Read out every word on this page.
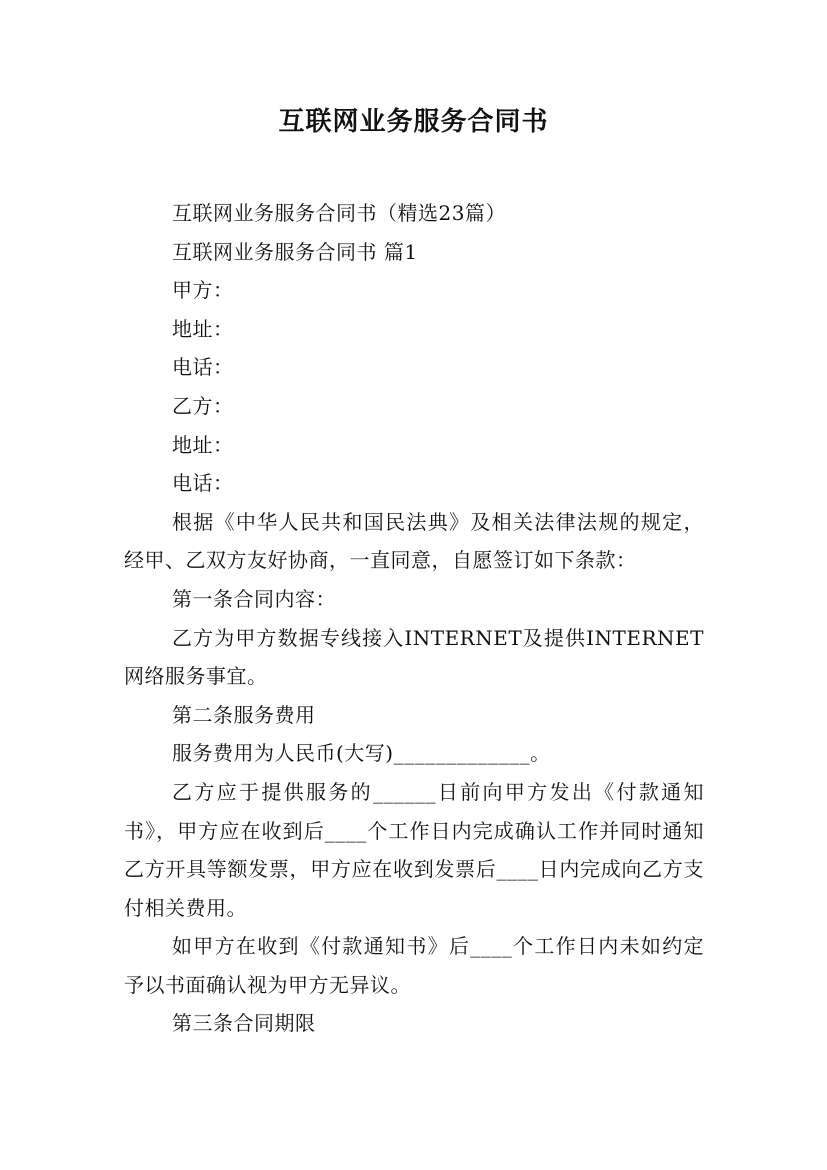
互联网业务服务合同书
互联网业务服务合同书（精选23篇）
互联网业务服务合同书 篇1
甲方：
地址：
电话：
乙方：
地址：
电话：
根据《中华人民共和国民法典》及相关法律法规的规定，经甲、乙双方友好协商，一直同意，自愿签订如下条款：
第一条合同内容：
乙方为甲方数据专线接入INTERNET及提供INTERNET网络服务事宜。
第二条服务费用
服务费用为人民币(大写)_____________。
乙方应于提供服务的______日前向甲方发出《付款通知书》，甲方应在收到后____个工作日内完成确认工作并同时通知乙方开具等额发票，甲方应在收到发票后____日内完成向乙方支付相关费用。
如甲方在收到《付款通知书》后____个工作日内未如约定予以书面确认视为甲方无异议。
第三条合同期限
